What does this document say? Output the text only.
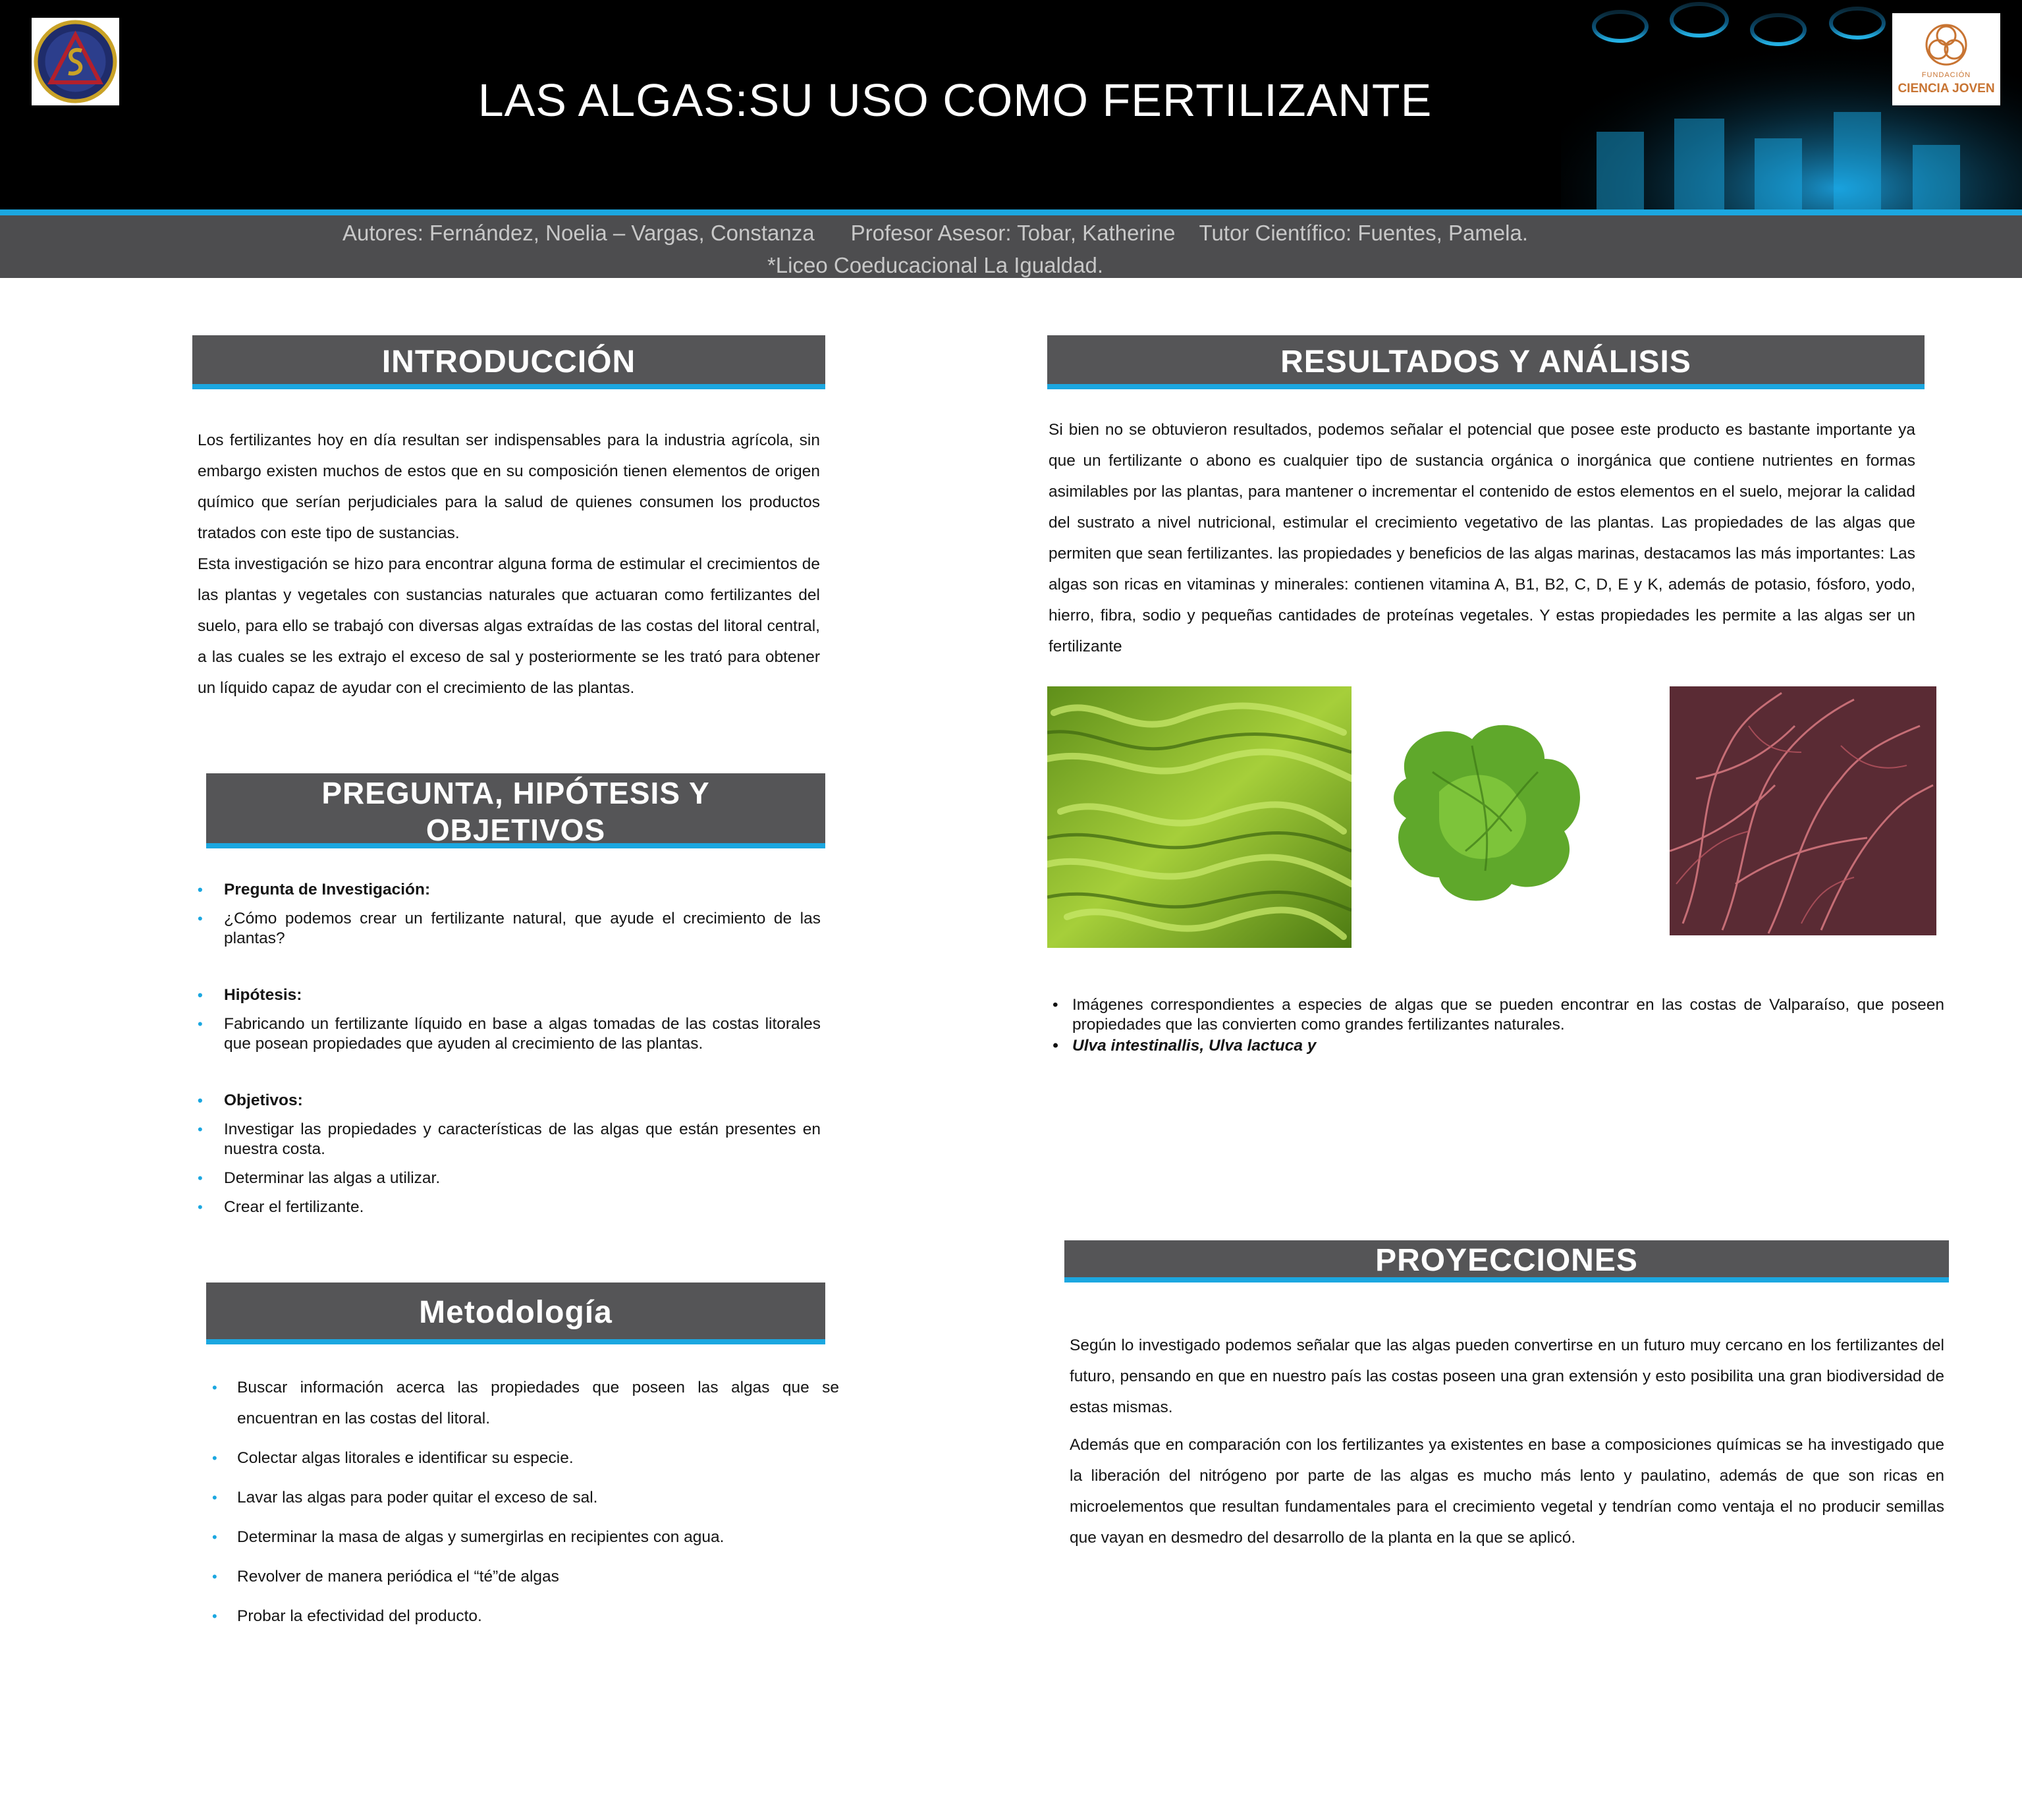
LAS ALGAS:SU USO COMO FERTILIZANTE	FUNDACIÓN
CIENCIA JOVEN
Autores: Fernández, Noelia – Vargas, Constanza      Profesor Asesor: Tobar, Katherine    Tutor Científico: Fuentes, Pamela.
*Liceo Coeducacional La Igualdad.
INTRODUCCIÓN

Los fertilizantes hoy en día resultan ser indispensables para la industria agrícola, sin embargo existen muchos de estos que en su composición tienen elementos de origen químico que serían perjudiciales para la salud de quienes consumen los productos tratados con este tipo de sustancias.

Esta investigación se hizo para encontrar alguna forma de estimular el crecimientos de las plantas y vegetales con sustancias naturales que actuaran como fertilizantes del suelo, para ello se trabajó con diversas algas extraídas de las costas del litoral central, a las cuales se les extrajo el exceso de sal y posteriormente se les trató para obtener un líquido capaz de ayudar con el crecimiento de las plantas.

PREGUNTA, HIPÓTESIS Y
OBJETIVOS
• Pregunta de Investigación:
• ¿Cómo podemos crear un fertilizante natural, que ayude el crecimiento de las plantas?
• Hipótesis:
• Fabricando un fertilizante líquido en base a algas tomadas de las costas litorales que posean propiedades que ayuden al crecimiento de las plantas.
• Objetivos:
• Investigar las propiedades y características de las algas que están presentes en nuestra costa.
• Determinar las algas a utilizar.
• Crear el fertilizante.
Metodología
• Buscar información acerca las propiedades que poseen las algas que se encuentran en las costas del litoral.
• Colectar algas litorales e identificar su especie.
• Lavar las algas para poder quitar el exceso de sal.
• Determinar la masa de algas y sumergirlas en recipientes con agua.
• Revolver de manera periódica el “té”de algas
• Probar la efectividad del producto.
RESULTADOS Y ANÁLISIS

Si bien no se obtuvieron resultados, podemos señalar el potencial que posee este producto es bastante importante ya que un fertilizante o abono es cualquier tipo de sustancia orgánica o inorgánica que contiene nutrientes en formas asimilables por las plantas, para mantener o incrementar el contenido de estos elementos en el suelo, mejorar la calidad del sustrato a nivel nutricional, estimular el crecimiento vegetativo de las plantas. Las propiedades de las algas que permiten que sean fertilizantes. las propiedades y beneficios de las algas marinas, destacamos las más importantes: Las algas son ricas en vitaminas y minerales: contienen vitamina A, B1, B2, C, D, E y K, además de potasio, fósforo, yodo, hierro, fibra, sodio y pequeñas cantidades de proteínas vegetales. Y estas propiedades les permite a las algas ser un fertilizante

• Imágenes correspondientes a especies de algas que se pueden encontrar en las costas de Valparaíso, que poseen propiedades que las convierten como grandes fertilizantes naturales.
• Ulva intestinallis, Ulva lactuca y
PROYECCIONES

Según lo investigado podemos señalar que las algas pueden convertirse en un futuro muy cercano en los fertilizantes del futuro, pensando en que en nuestro país las costas poseen una gran extensión y esto posibilita una gran biodiversidad de estas mismas.

Además que en comparación con los fertilizantes ya existentes en base a composiciones químicas se ha investigado que la liberación del nitrógeno por parte de las algas es mucho más lento y paulatino, además de que son ricas en microelementos que resultan fundamentales para el crecimiento vegetal y tendrían como ventaja el no producir semillas que vayan en desmedro del desarrollo de la planta en la que se aplicó.
